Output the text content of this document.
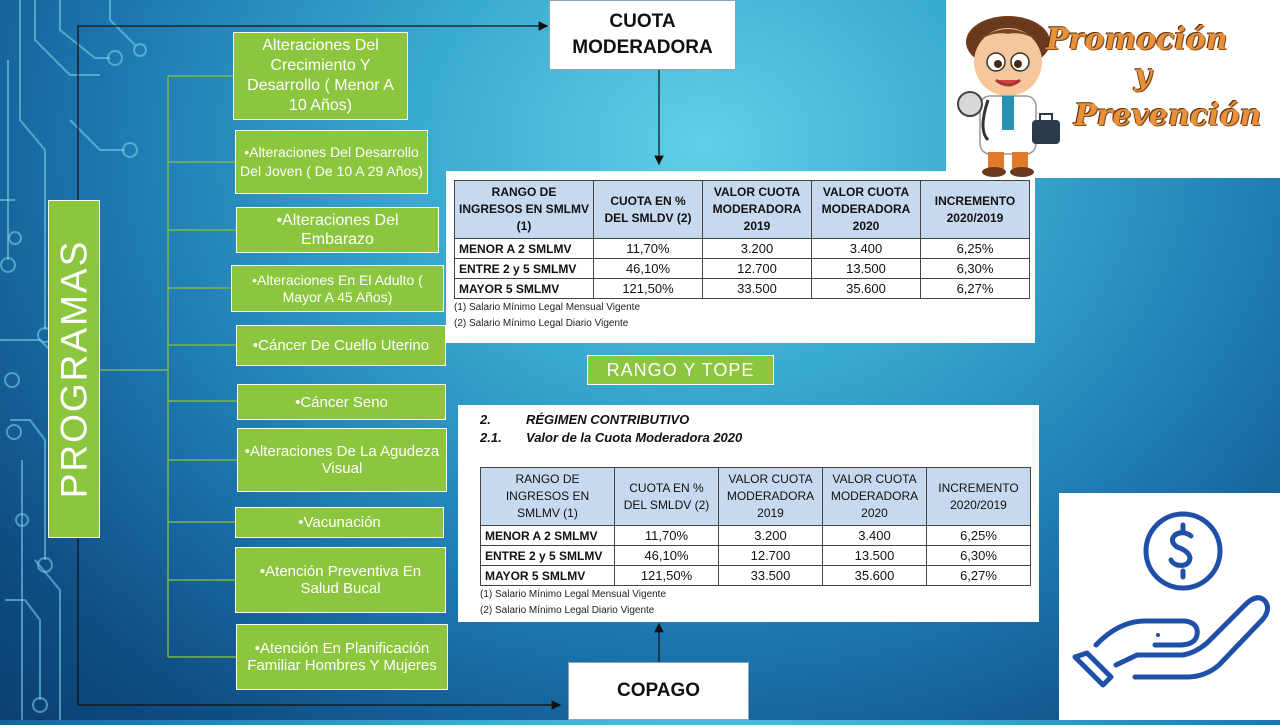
PROGRAMAS
Alteraciones Del Crecimiento Y Desarrollo ( Menor A 10 Años)
•Alteraciones Del Desarrollo Del Joven ( De 10 A 29 Años)
•Alteraciones Del Embarazo
•Alteraciones En El Adulto ( Mayor A 45 Años)
•Cáncer De Cuello Uterino
•Cáncer Seno
•Alteraciones De La Agudeza Visual
•Vacunación
•Atención Preventiva En Salud Bucal
•Atención En Planificación Familiar Hombres Y Mujeres
CUOTA MODERADORA
COPAGO
RANGO DE INGRESOS EN SMLMV (1)	CUOTA EN % DEL SMLDV (2)	VALOR CUOTA MODERADORA 2019	VALOR CUOTA MODERADORA 2020	INCREMENTO 2020/2019
MENOR A 2 SMLMV	11,70%	3.200	3.400	6,25%
ENTRE 2 y 5 SMLMV	46,10%	12.700	13.500	6,30%
MAYOR 5 SMLMV	121,50%	33.500	35.600	6,27%
(1) Salario Mínimo Legal Mensual Vigente
(2) Salario Mínimo Legal Diario Vigente
RANGO Y TOPE
2.	RÉGIMEN CONTRIBUTIVO
2.1. Valor de la Cuota Moderadora 2020
RANGO DE INGRESOS EN SMLMV (1)	CUOTA EN % DEL SMLDV (2)	VALOR CUOTA MODERADORA 2019	VALOR CUOTA MODERADORA 2020	INCREMENTO 2020/2019
MENOR A 2 SMLMV	11,70%	3.200	3.400	6,25%
ENTRE 2 y 5 SMLMV	46,10%	12.700	13.500	6,30%
MAYOR 5 SMLMV	121,50%	33.500	35.600	6,27%
(1) Salario Mínimo Legal Mensual Vigente
(2) Salario Mínimo Legal Diario Vigente
Promoción
y
Prevención
